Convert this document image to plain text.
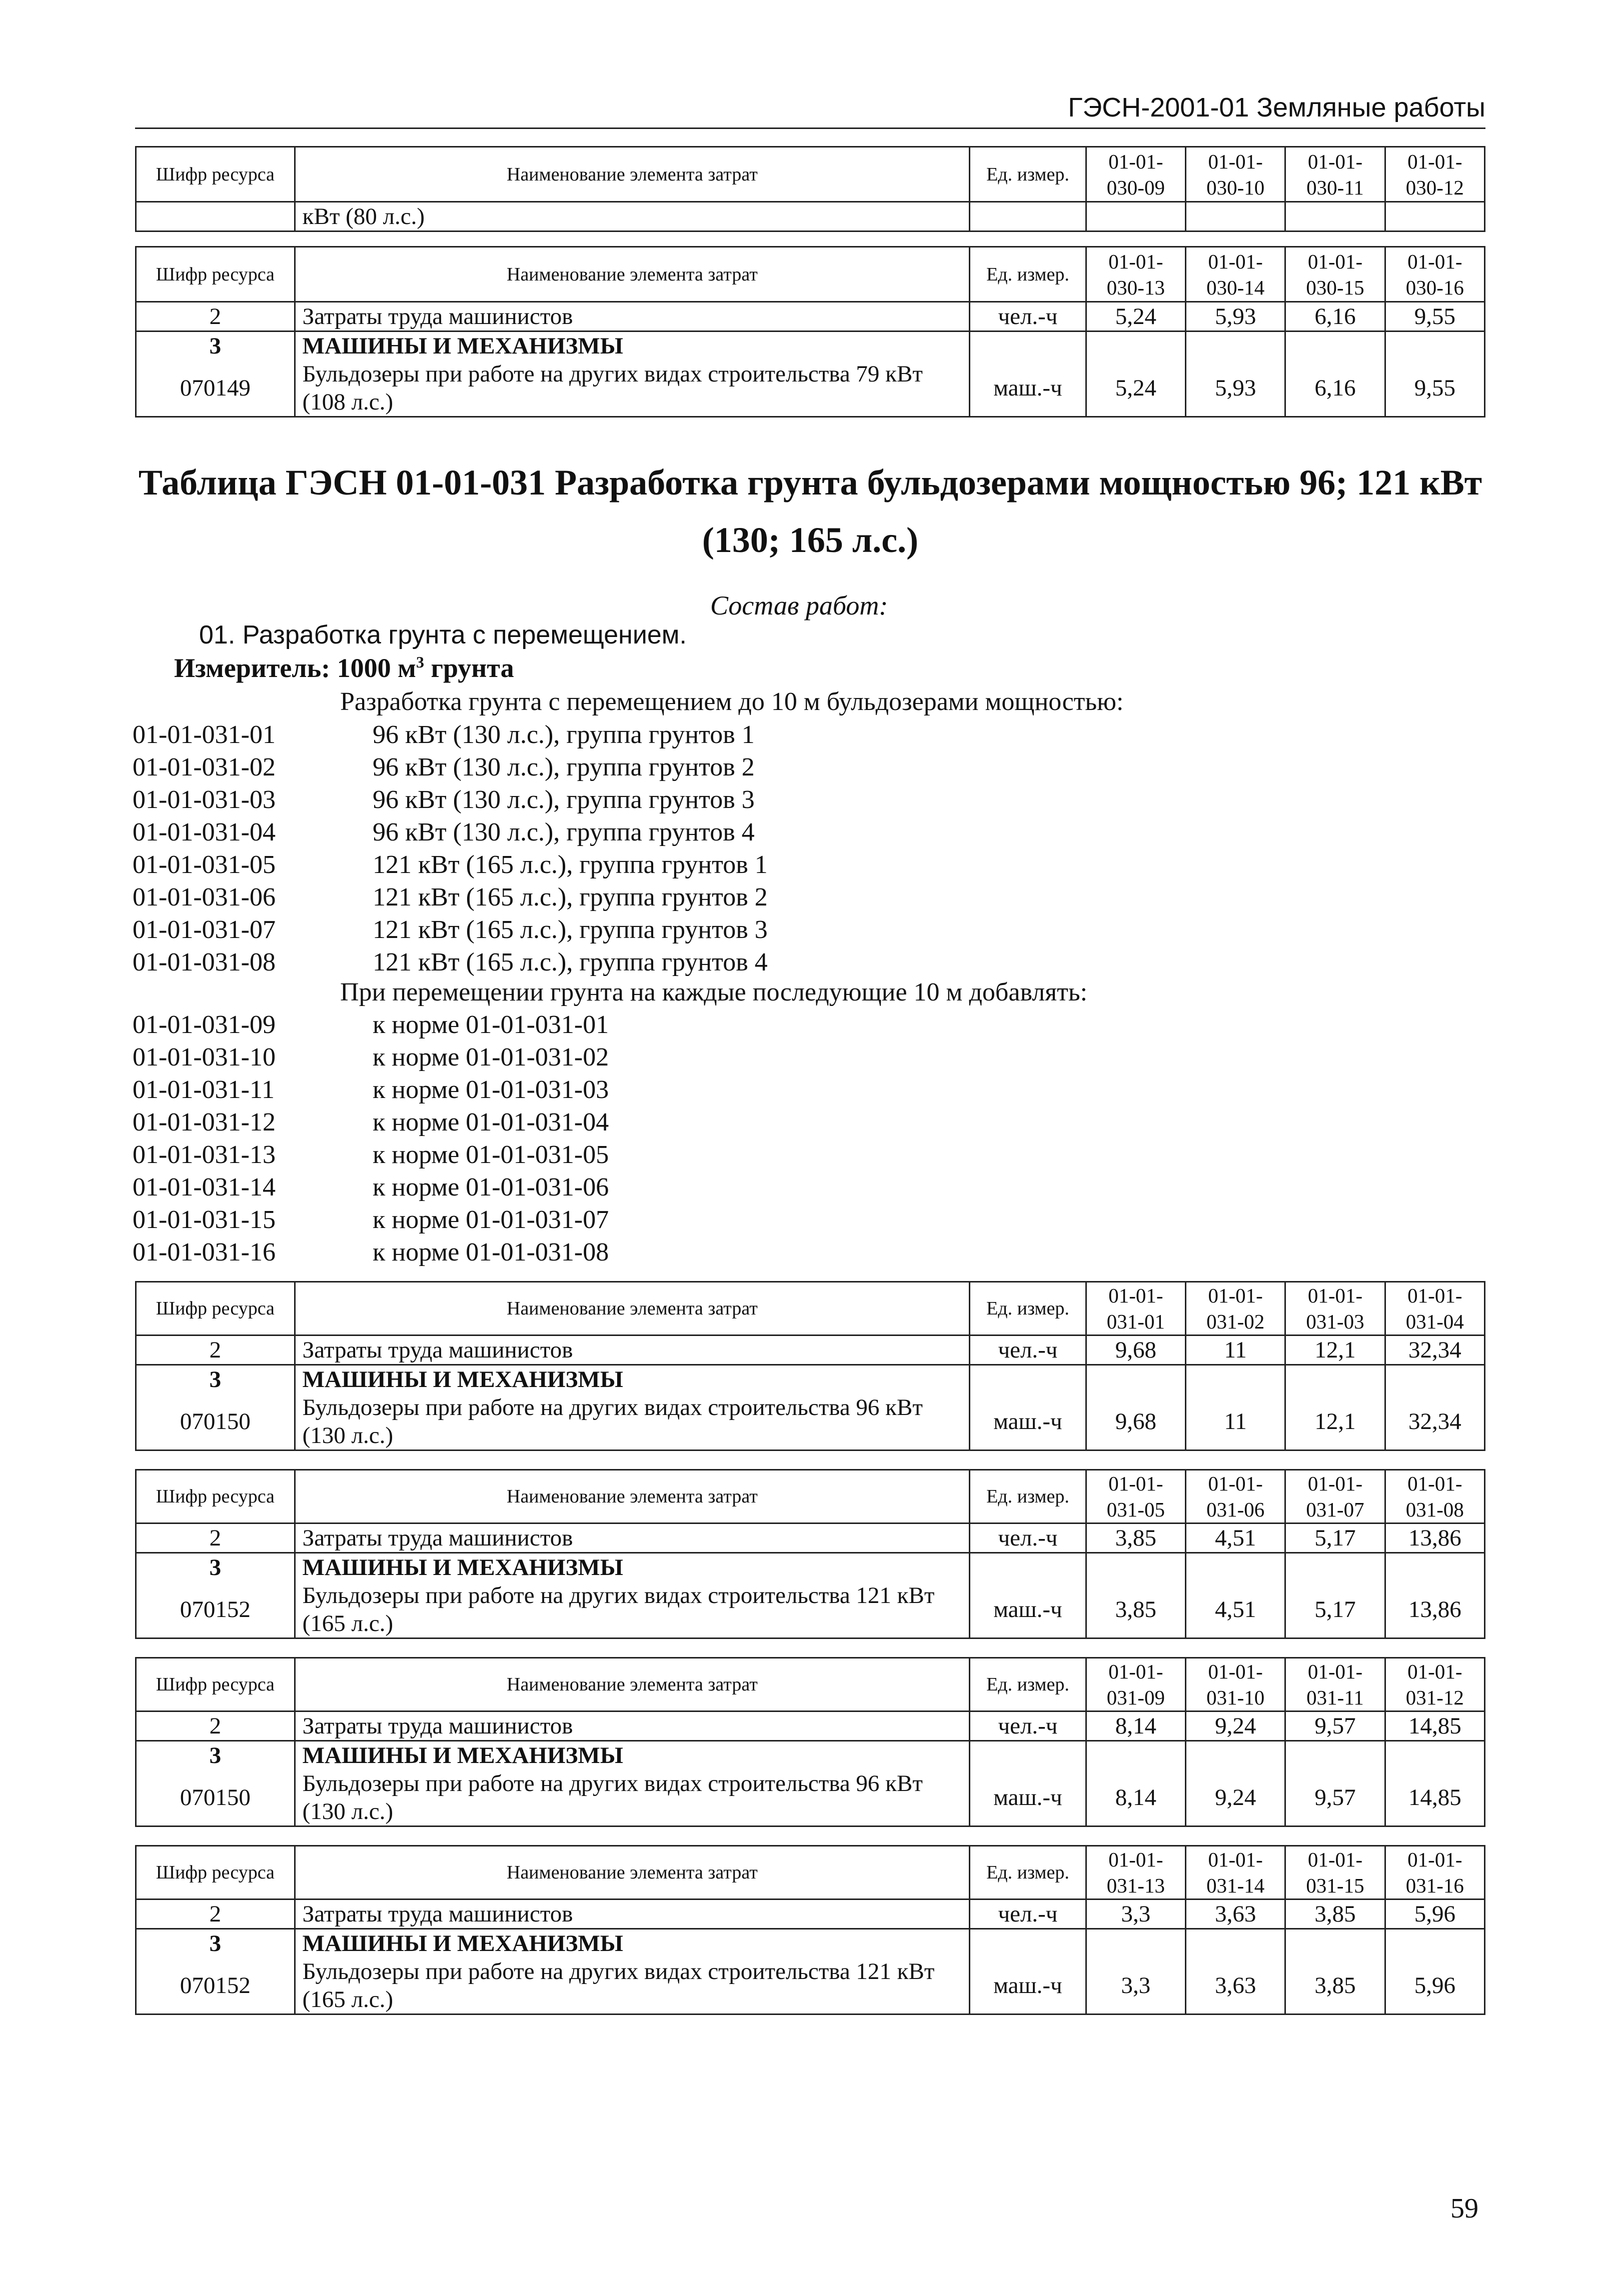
ГЭСН-2001-01 Земляные работы
Шифр ресурса	Наименование элемента затрат	Ед. измер.	01-01-030-09	01-01-030-10	01-01-030-11	01-01-030-12
	кВт (80 л.с.)					
Шифр ресурса	Наименование элемента затрат	Ед. измер.	01-01-030-13	01-01-030-14	01-01-030-15	01-01-030-16
2	Затраты труда машинистов	чел.-ч	5,24	5,93	6,16	9,55
3	МАШИНЫ И МЕХАНИЗМЫ					
070149	Бульдозеры при работе на других видах строительства 79 кВт (108 л.с.)	маш.-ч	5,24	5,93	6,16	9,55
Таблица ГЭСН 01-01-031 Разработка грунта бульдозерами мощностью 96; 121 кВт
(130; 165 л.с.)
Состав работ:
01. Разработка грунта с перемещением.
Измеритель: 1000 $м^3$ грунта
Разработка грунта с перемещением до 10 м бульдозерами мощностью:
01-01-031-01	96 кВт (130 л.с.), группа грунтов 1
01-01-031-02	96 кВт (130 л.с.), группа грунтов 2
01-01-031-03	96 кВт (130 л.с.), группа грунтов 3
01-01-031-04	96 кВт (130 л.с.), группа грунтов 4
01-01-031-05	121 кВт (165 л.с.), группа грунтов 1
01-01-031-06	121 кВт (165 л.с.), группа грунтов 2
01-01-031-07	121 кВт (165 л.с.), группа грунтов 3
01-01-031-08	121 кВт (165 л.с.), группа грунтов 4
При перемещении грунта на каждые последующие 10 м добавлять:
01-01-031-09	к норме 01-01-031-01
01-01-031-10	к норме 01-01-031-02
01-01-031-11	к норме 01-01-031-03
01-01-031-12	к норме 01-01-031-04
01-01-031-13	к норме 01-01-031-05
01-01-031-14	к норме 01-01-031-06
01-01-031-15	к норме 01-01-031-07
01-01-031-16	к норме 01-01-031-08
Шифр ресурса	Наименование элемента затрат	Ед. измер.	01-01-031-01	01-01-031-02	01-01-031-03	01-01-031-04
2	Затраты труда машинистов	чел.-ч	9,68	11	12,1	32,34
3	МАШИНЫ И МЕХАНИЗМЫ					
070150	Бульдозеры при работе на других видах строительства 96 кВт (130 л.с.)	маш.-ч	9,68	11	12,1	32,34
Шифр ресурса	Наименование элемента затрат	Ед. измер.	01-01-031-05	01-01-031-06	01-01-031-07	01-01-031-08
2	Затраты труда машинистов	чел.-ч	3,85	4,51	5,17	13,86
3	МАШИНЫ И МЕХАНИЗМЫ					
070152	Бульдозеры при работе на других видах строительства 121 кВт (165 л.с.)	маш.-ч	3,85	4,51	5,17	13,86
Шифр ресурса	Наименование элемента затрат	Ед. измер.	01-01-031-09	01-01-031-10	01-01-031-11	01-01-031-12
2	Затраты труда машинистов	чел.-ч	8,14	9,24	9,57	14,85
3	МАШИНЫ И МЕХАНИЗМЫ					
070150	Бульдозеры при работе на других видах строительства 96 кВт (130 л.с.)	маш.-ч	8,14	9,24	9,57	14,85
Шифр ресурса	Наименование элемента затрат	Ед. измер.	01-01-031-13	01-01-031-14	01-01-031-15	01-01-031-16
2	Затраты труда машинистов	чел.-ч	3,3	3,63	3,85	5,96
3	МАШИНЫ И МЕХАНИЗМЫ					
070152	Бульдозеры при работе на других видах строительства 121 кВт (165 л.с.)	маш.-ч	3,3	3,63	3,85	5,96
59
